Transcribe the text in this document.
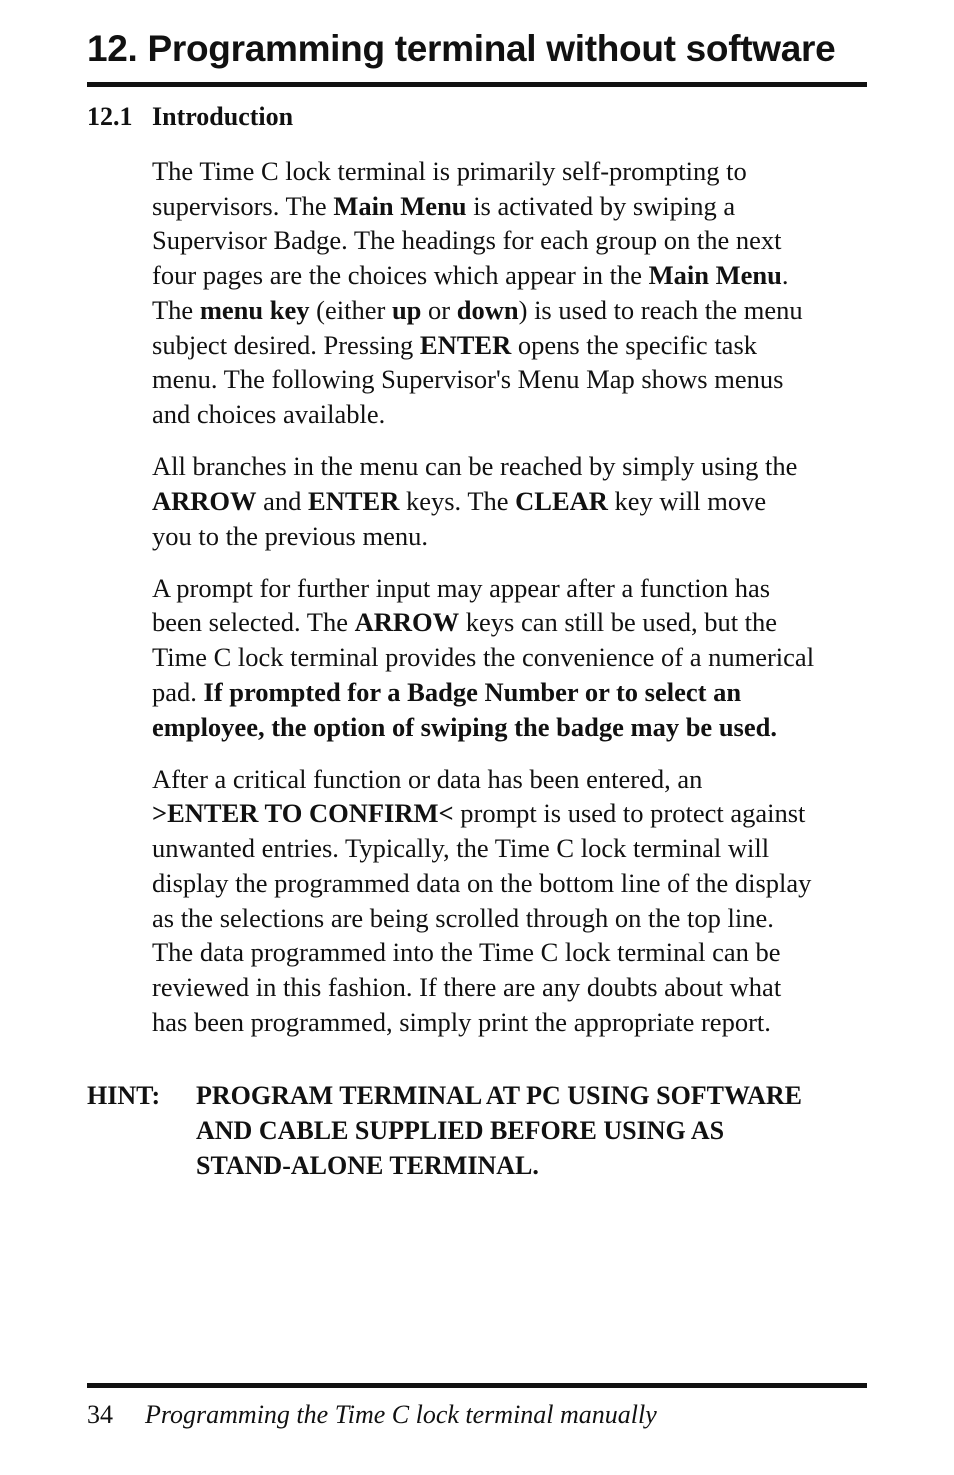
12. Programming terminal without software
12.1 Introduction

The Time C lock terminal is primarily self-prompting to
supervisors. The Main Menu is activated by swiping a
Supervisor Badge. The headings for each group on the next
four pages are the choices which appear in the Main Menu.
The menu key (either up or down) is used to reach the menu
subject desired. Pressing ENTER opens the specific task
menu. The following Supervisor's Menu Map shows menus
and choices available.

All branches in the menu can be reached by simply using the
ARROW and ENTER keys. The CLEAR key will move
you to the previous menu.

A prompt for further input may appear after a function has
been selected. The ARROW keys can still be used, but the
Time C lock terminal provides the convenience of a numerical
pad. If prompted for a Badge Number or to select an
employee, the option of swiping the badge may be used.

After a critical function or data has been entered, an
>ENTER TO CONFIRM< prompt is used to protect against
unwanted entries. Typically, the Time C lock terminal will
display the programmed data on the bottom line of the display
as the selections are being scrolled through on the top line.
The data programmed into the Time C lock terminal can be
reviewed in this fashion. If there are any doubts about what
has been programmed, simply print the appropriate report.

HINT: PROGRAM TERMINAL AT PC USING SOFTWARE
AND CABLE SUPPLIED BEFORE USING AS
STAND-ALONE TERMINAL.
34 Programming the Time C lock terminal manually
